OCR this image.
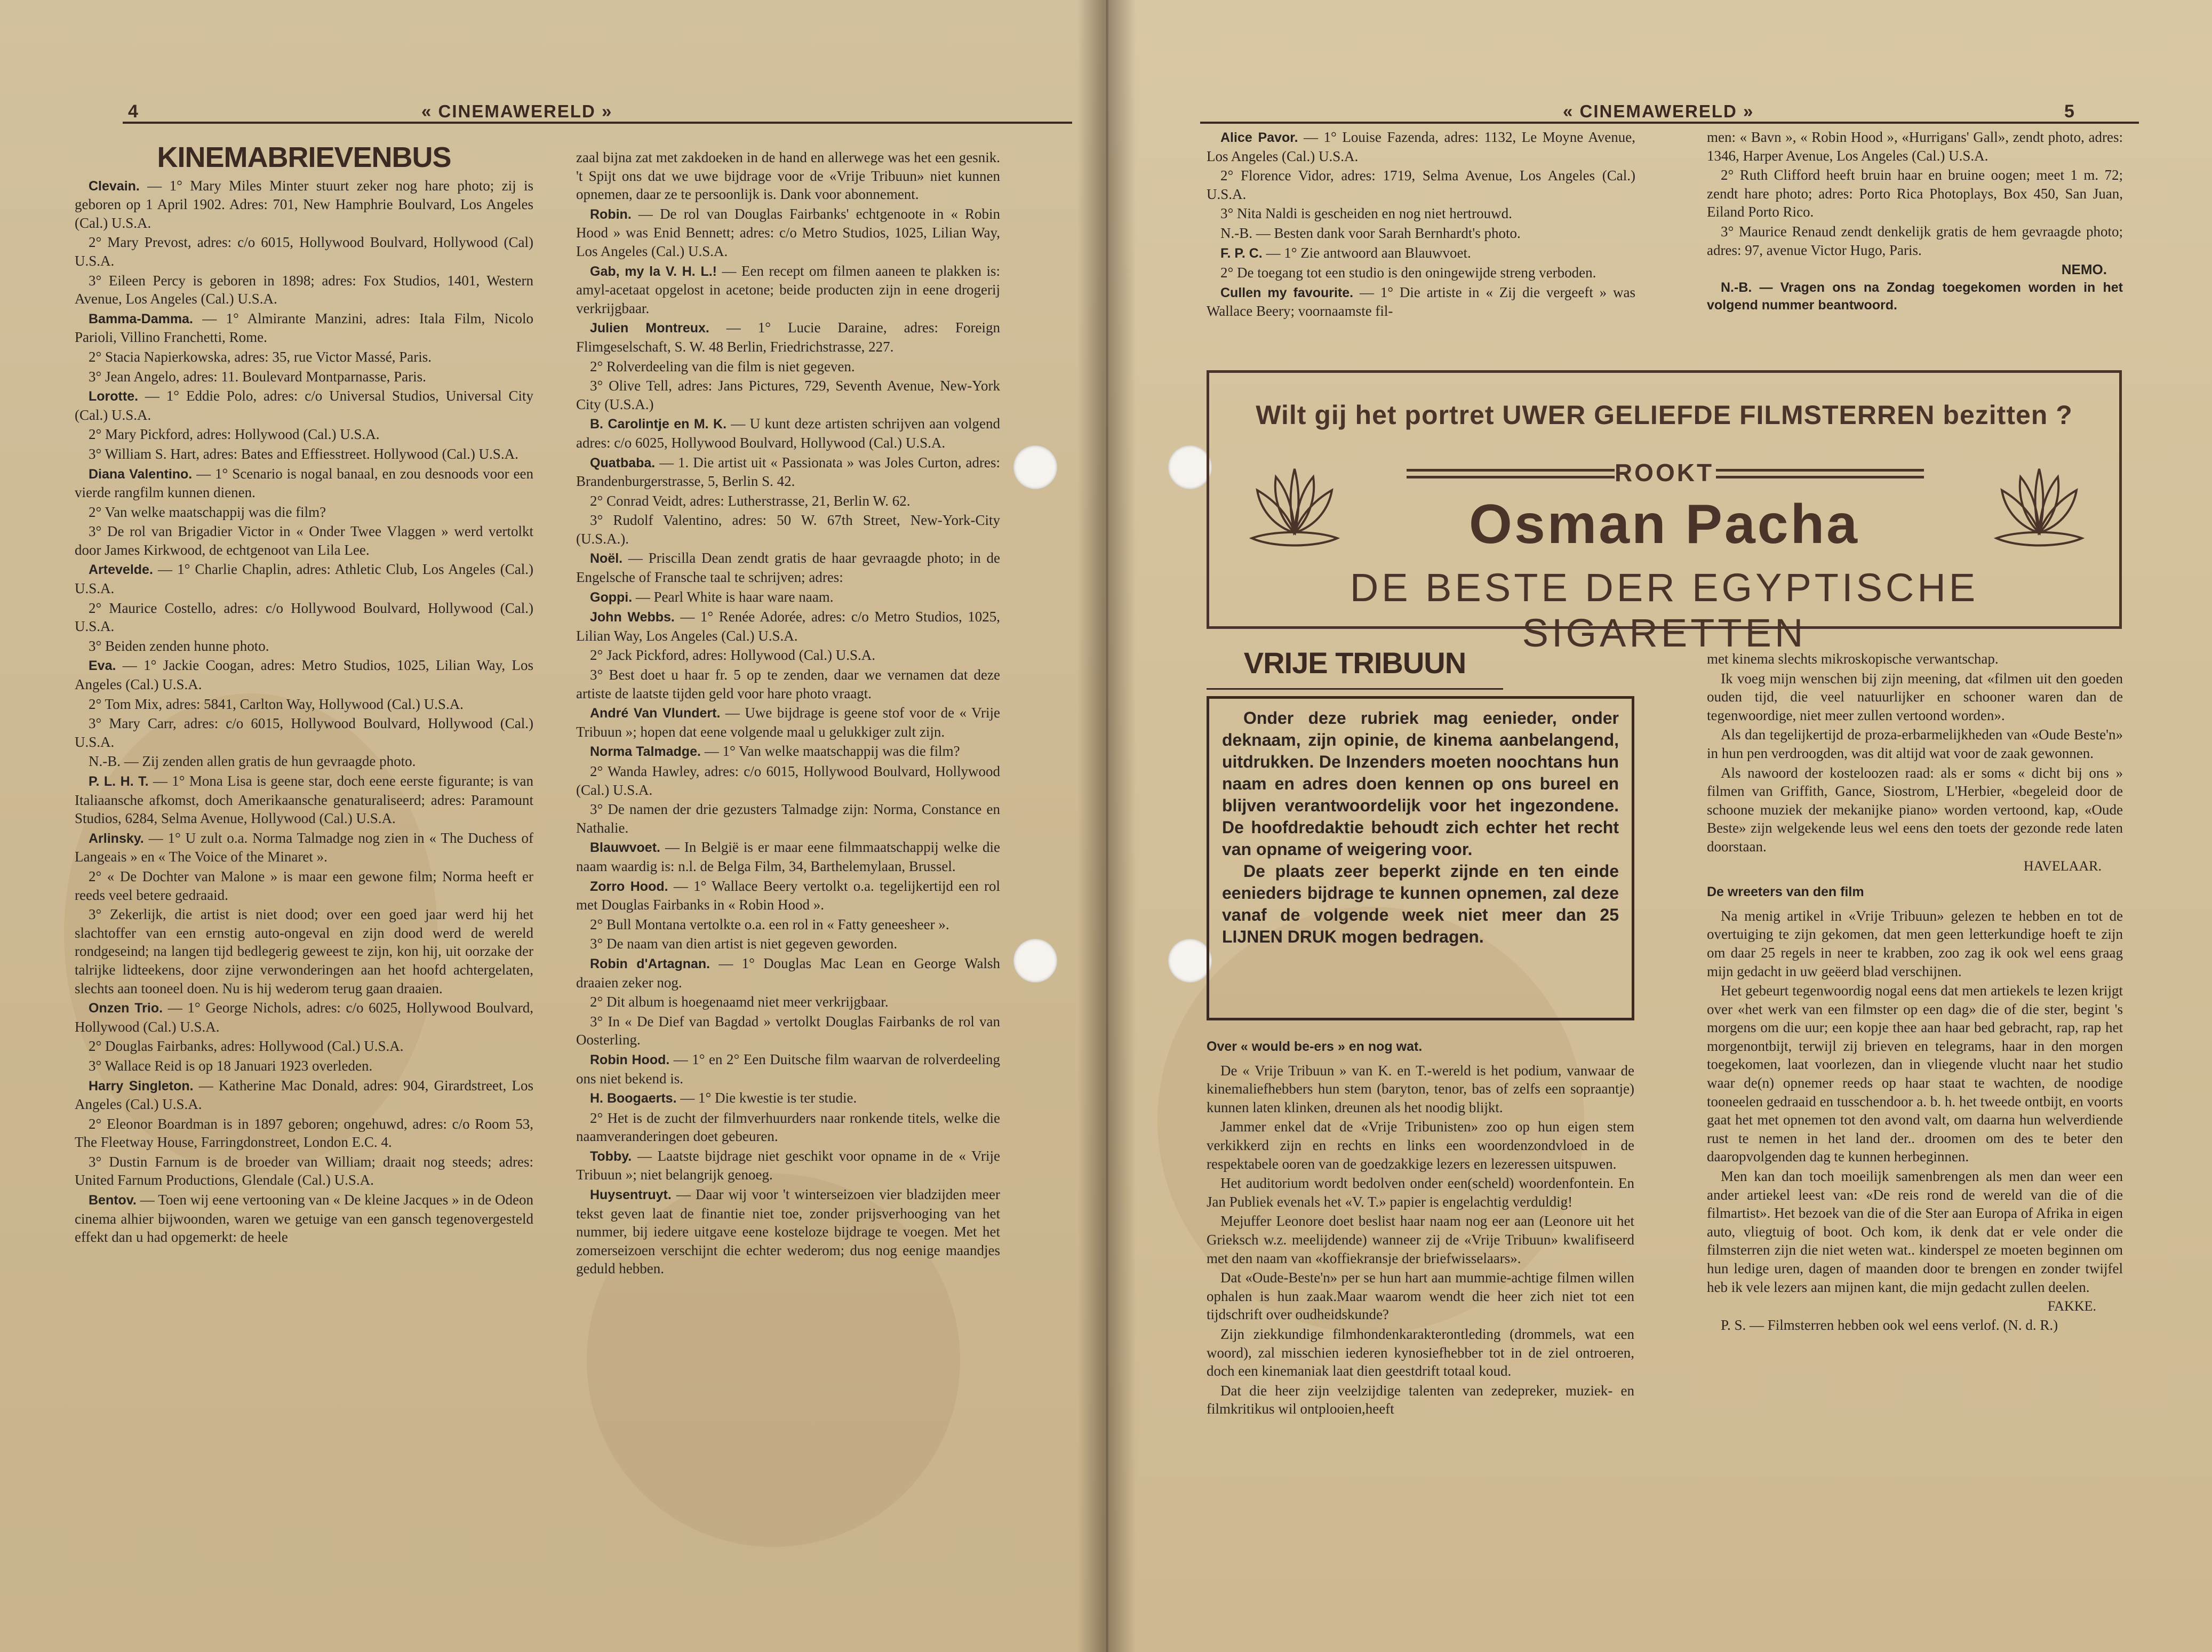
4	« CINEMAWERELD »
KINEMABRIEVENBUS

Clevain. — 1° Mary Miles Minter stuurt zeker nog hare photo; zij is geboren op 1 April 1902. Adres: 701, New Hamphrie Boulvard, Los Angeles (Cal.) U.S.A.

2° Mary Prevost, adres: c/o 6015, Hollywood Boulvard, Hollywood (Cal) U.S.A.

3° Eileen Percy is geboren in 1898; adres: Fox Studios, 1401, Western Avenue, Los Angeles (Cal.) U.S.A.

Bamma-Damma. — 1° Almirante Manzini, adres: Itala Film, Nicolo Parioli, Villino Franchetti, Rome.

2° Stacia Napierkowska, adres: 35, rue Victor Massé, Paris.

3° Jean Angelo, adres: 11. Boulevard Montparnasse, Paris.

Lorotte. — 1° Eddie Polo, adres: c/o Universal Studios, Universal City (Cal.) U.S.A.

2° Mary Pickford, adres: Hollywood (Cal.) U.S.A.

3° William S. Hart, adres: Bates and Effiesstreet. Hollywood (Cal.) U.S.A.

Diana Valentino. — 1° Scenario is nogal banaal, en zou desnoods voor een vierde rangfilm kunnen dienen.

2° Van welke maatschappij was die film?

3° De rol van Brigadier Victor in « Onder Twee Vlaggen » werd vertolkt door James Kirkwood, de echtgenoot van Lila Lee.

Artevelde. — 1° Charlie Chaplin, adres: Athletic Club, Los Angeles (Cal.) U.S.A.

2° Maurice Costello, adres: c/o Hollywood Boulvard, Hollywood (Cal.) U.S.A.

3° Beiden zenden hunne photo.

Eva. — 1° Jackie Coogan, adres: Metro Studios, 1025, Lilian Way, Los Angeles (Cal.) U.S.A.

2° Tom Mix, adres: 5841, Carlton Way, Hollywood (Cal.) U.S.A.

3° Mary Carr, adres: c/o 6015, Hollywood Boulvard, Hollywood (Cal.) U.S.A.

N.-B. — Zij zenden allen gratis de hun gevraagde photo.

P. L. H. T. — 1° Mona Lisa is geene star, doch eene eerste figurante; is van Italiaansche afkomst, doch Amerikaansche genaturaliseerd; adres: Paramount Studios, 6284, Selma Avenue, Hollywood (Cal.) U.S.A.

Arlinsky. — 1° U zult o.a. Norma Talmadge nog zien in « The Duchess of Langeais » en « The Voice of the Minaret ».

2° « De Dochter van Malone » is maar een gewone film; Norma heeft er reeds veel betere gedraaid.

3° Zekerlijk, die artist is niet dood; over een goed jaar werd hij het slachtoffer van een ernstig auto-ongeval en zijn dood werd de wereld rondgeseind; na langen tijd bedlegerig geweest te zijn, kon hij, uit oorzake der talrijke lidteekens, door zijne verwonderingen aan het hoofd achtergelaten, slechts aan tooneel doen. Nu is hij wederom terug gaan draaien.

Onzen Trio. — 1° George Nichols, adres: c/o 6025, Hollywood Boulvard, Hollywood (Cal.) U.S.A.

2° Douglas Fairbanks, adres: Hollywood (Cal.) U.S.A.

3° Wallace Reid is op 18 Januari 1923 overleden.

Harry Singleton. — Katherine Mac Donald, adres: 904, Girardstreet, Los Angeles (Cal.) U.S.A.

2° Eleonor Boardman is in 1897 geboren; ongehuwd, adres: c/o Room 53, The Fleetway House, Farringdonstreet, London E.C. 4.

3° Dustin Farnum is de broeder van William; draait nog steeds; adres: United Farnum Productions, Glendale (Cal.) U.S.A.

Bentov. — Toen wij eene vertooning van « De kleine Jacques » in de Odeon cinema alhier bijwoonden, waren we getuige van een gansch tegenovergesteld effekt dan u had opgemerkt: de heele

zaal bijna zat met zakdoeken in de hand en allerwege was het een gesnik. 't Spijt ons dat we uwe bijdrage voor de «Vrije Tribuun» niet kunnen opnemen, daar ze te persoonlijk is. Dank voor abonnement.

Robin. — De rol van Douglas Fairbanks' echtgenoote in « Robin Hood » was Enid Bennett; adres: c/o Metro Studios, 1025, Lilian Way, Los Angeles (Cal.) U.S.A.

Gab, my la V. H. L.! — Een recept om filmen aaneen te plakken is: amyl-acetaat opgelost in acetone; beide producten zijn in eene drogerij verkrijgbaar.

Julien Montreux. — 1° Lucie Daraine, adres: Foreign Flimgeselschaft, S. W. 48 Berlin, Friedrichstrasse, 227.

2° Rolverdeeling van die film is niet gegeven.

3° Olive Tell, adres: Jans Pictures, 729, Seventh Avenue, New-York City (U.S.A.)

B. Carolintje en M. K. — U kunt deze artisten schrijven aan volgend adres: c/o 6025, Hollywood Boulvard, Hollywood (Cal.) U.S.A.

Quatbaba. — 1. Die artist uit « Passionata » was Joles Curton, adres: Brandenburgerstrasse, 5, Berlin S. 42.

2° Conrad Veidt, adres: Lutherstrasse, 21, Berlin W. 62.

3° Rudolf Valentino, adres: 50 W. 67th Street, New-York-City (U.S.A.).

Noël. — Priscilla Dean zendt gratis de haar gevraagde photo; in de Engelsche of Fransche taal te schrijven; adres:

Goppi. — Pearl White is haar ware naam.

John Webbs. — 1° Renée Adorée, adres: c/o Metro Studios, 1025, Lilian Way, Los Angeles (Cal.) U.S.A.

2° Jack Pickford, adres: Hollywood (Cal.) U.S.A.

3° Best doet u haar fr. 5 op te zenden, daar we vernamen dat deze artiste de laatste tijden geld voor hare photo vraagt.

André Van Vlundert. — Uwe bijdrage is geene stof voor de « Vrije Tribuun »; hopen dat eene volgende maal u gelukkiger zult zijn.

Norma Talmadge. — 1° Van welke maatschappij was die film?

2° Wanda Hawley, adres: c/o 6015, Hollywood Boulvard, Hollywood (Cal.) U.S.A.

3° De namen der drie gezusters Talmadge zijn: Norma, Constance en Nathalie.

Blauwvoet. — In België is er maar eene filmmaatschappij welke die naam waardig is: n.l. de Belga Film, 34, Barthelemylaan, Brussel.

Zorro Hood. — 1° Wallace Beery vertolkt o.a. tegelijkertijd een rol met Douglas Fairbanks in « Robin Hood ».

2° Bull Montana vertolkte o.a. een rol in « Fatty geneesheer ».

3° De naam van dien artist is niet gegeven geworden.

Robin d'Artagnan. — 1° Douglas Mac Lean en George Walsh draaien zeker nog.

2° Dit album is hoegenaamd niet meer verkrijgbaar.

3° In « De Dief van Bagdad » vertolkt Douglas Fairbanks de rol van Oosterling.

Robin Hood. — 1° en 2° Een Duitsche film waarvan de rolverdeeling ons niet bekend is.

H. Boogaerts. — 1° Die kwestie is ter studie.

2° Het is de zucht der filmverhuurders naar ronkende titels, welke die naamveranderingen doet gebeuren.

Tobby. — Laatste bijdrage niet geschikt voor opname in de « Vrije Tribuun »; niet belangrijk genoeg.

Huysentruyt. — Daar wij voor 't winterseizoen vier bladzijden meer tekst geven laat de finantie niet toe, zonder prijsverhooging van het nummer, bij iedere uitgave eene kosteloze bijdrage te voegen. Met het zomerseizoen verschijnt die echter wederom; dus nog eenige maandjes geduld hebben.

« CINEMAWERELD »	5

Alice Pavor. — 1° Louise Fazenda, adres: 1132, Le Moyne Avenue, Los Angeles (Cal.) U.S.A.

2° Florence Vidor, adres: 1719, Selma Avenue, Los Angeles (Cal.) U.S.A.

3° Nita Naldi is gescheiden en nog niet hertrouwd.

N.-B. — Besten dank voor Sarah Bernhardt's photo.

F. P. C. — 1° Zie antwoord aan Blauwvoet.

2° De toegang tot een studio is den oningewijde streng verboden.

Cullen my favourite. — 1° Die artiste in « Zij die vergeeft » was Wallace Beery; voornaamste fil-

men: « Bavn », « Robin Hood », «Hurrigans' Gall», zendt photo, adres: 1346, Harper Avenue, Los Angeles (Cal.) U.S.A.

2° Ruth Clifford heeft bruin haar en bruine oogen; meet 1 m. 72; zendt hare photo; adres: Porto Rica Photoplays, Box 450, San Juan, Eiland Porto Rico.

3° Maurice Renaud zendt denkelijk gratis de hem gevraagde photo; adres: 97, avenue Victor Hugo, Paris.

NEMO.

N.-B. — Vragen ons na Zondag toegekomen worden in het volgend nummer beantwoord.

Wilt gij het portret UWER GELIEFDE FILMSTERREN bezitten ?
ROOKT
Osman Pacha
DE BESTE DER EGYPTISCHE SIGARETTEN
VRIJE TRIBUUN

Onder deze rubriek mag eenieder, onder deknaam, zijn opinie, de kinema aanbelangend, uitdrukken. De Inzenders moeten noochtans hun naam en adres doen kennen op ons bureel en blijven verantwoordelijk voor het ingezondene. De hoofdredaktie behoudt zich echter het recht van opname of weigering voor.

De plaats zeer beperkt zijnde en ten einde eenieders bijdrage te kunnen opnemen, zal deze vanaf de volgende week niet meer dan 25 LIJNEN DRUK mogen bedragen.

Over « would be-ers » en nog wat.

De « Vrije Tribuun » van K. en T.-wereld is het podium, vanwaar de kinemaliefhebbers hun stem (baryton, tenor, bas of zelfs een sopraantje) kunnen laten klinken, dreunen als het noodig blijkt.

Jammer enkel dat de «Vrije Tribunisten» zoo op hun eigen stem verkikkerd zijn en rechts en links een woordenzondvloed in de respektabele ooren van de goedzakkige lezers en lezeressen uitspuwen.

Het auditorium wordt bedolven onder een(scheld) woordenfontein. En Jan Publiek evenals het «V. T.» papier is engelachtig verduldig!

Mejuffer Leonore doet beslist haar naam nog eer aan (Leonore uit het Grieksch w.z. meelijdende) wanneer zij de «Vrije Tribuun» kwalifiseerd met den naam van «koffiekransje der briefwisselaars».

Dat «Oude-Beste'n» per se hun hart aan mummie-achtige filmen willen ophalen is hun zaak.Maar waarom wendt die heer zich niet tot een tijdschrift over oudheidskunde?

Zijn ziekkundige filmhondenkarakterontleding (drommels, wat een woord), zal misschien iederen kynosiefhebber tot in de ziel ontroeren, doch een kinemaniak laat dien geestdrift totaal koud.

Dat die heer zijn veelzijdige talenten van zedepreker, muziek- en filmkritikus wil ontplooien,heeft

met kinema slechts mikroskopische verwantschap.

Ik voeg mijn wenschen bij zijn meening, dat «filmen uit den goeden ouden tijd, die veel natuurlijker en schooner waren dan de tegenwoordige, niet meer zullen vertoond worden».

Als dan tegelijkertijd de proza-erbarmelijkheden van «Oude Beste'n» in hun pen verdroogden, was dit altijd wat voor de zaak gewonnen.

Als nawoord der kosteloozen raad: als er soms « dicht bij ons » filmen van Griffith, Gance, Siostrom, L'Herbier, «begeleid door de schoone muziek der mekanijke piano» worden vertoond, kap, «Oude Beste» zijn welgekende leus wel eens den toets der gezonde rede laten doorstaan.

HAVELAAR.

De wreeters van den film

Na menig artikel in «Vrije Tribuun» gelezen te hebben en tot de overtuiging te zijn gekomen, dat men geen letterkundige hoeft te zijn om daar 25 regels in neer te krabben, zoo zag ik ook wel eens graag mijn gedacht in uw geëerd blad verschijnen.

Het gebeurt tegenwoordig nogal eens dat men artiekels te lezen krijgt over «het werk van een filmster op een dag» die of die ster, begint 's morgens om die uur; een kopje thee aan haar bed gebracht, rap, rap het morgenontbijt, terwijl zij brieven en telegrams, haar in den morgen toegekomen, laat voorlezen, dan in vliegende vlucht naar het studio waar de(n) opnemer reeds op haar staat te wachten, de noodige tooneelen gedraaid en tusschendoor a. b. h. het tweede ontbijt, en voorts gaat het met opnemen tot den avond valt, om daarna hun welverdiende rust te nemen in het land der.. droomen om des te beter den daaropvolgenden dag te kunnen herbeginnen.

Men kan dan toch moeilijk samenbrengen als men dan weer een ander artiekel leest van: «De reis rond de wereld van die of die filmartist». Het bezoek van die of die Ster aan Europa of Afrika in eigen auto, vliegtuig of boot. Och kom, ik denk dat er vele onder die filmsterren zijn die niet weten wat.. kinderspel ze moeten beginnen om hun ledige uren, dagen of maanden door te brengen en zonder twijfel heb ik vele lezers aan mijnen kant, die mijn gedacht zullen deelen.

FAKKE.

P. S. — Filmsterren hebben ook wel eens verlof. (N. d. R.)
